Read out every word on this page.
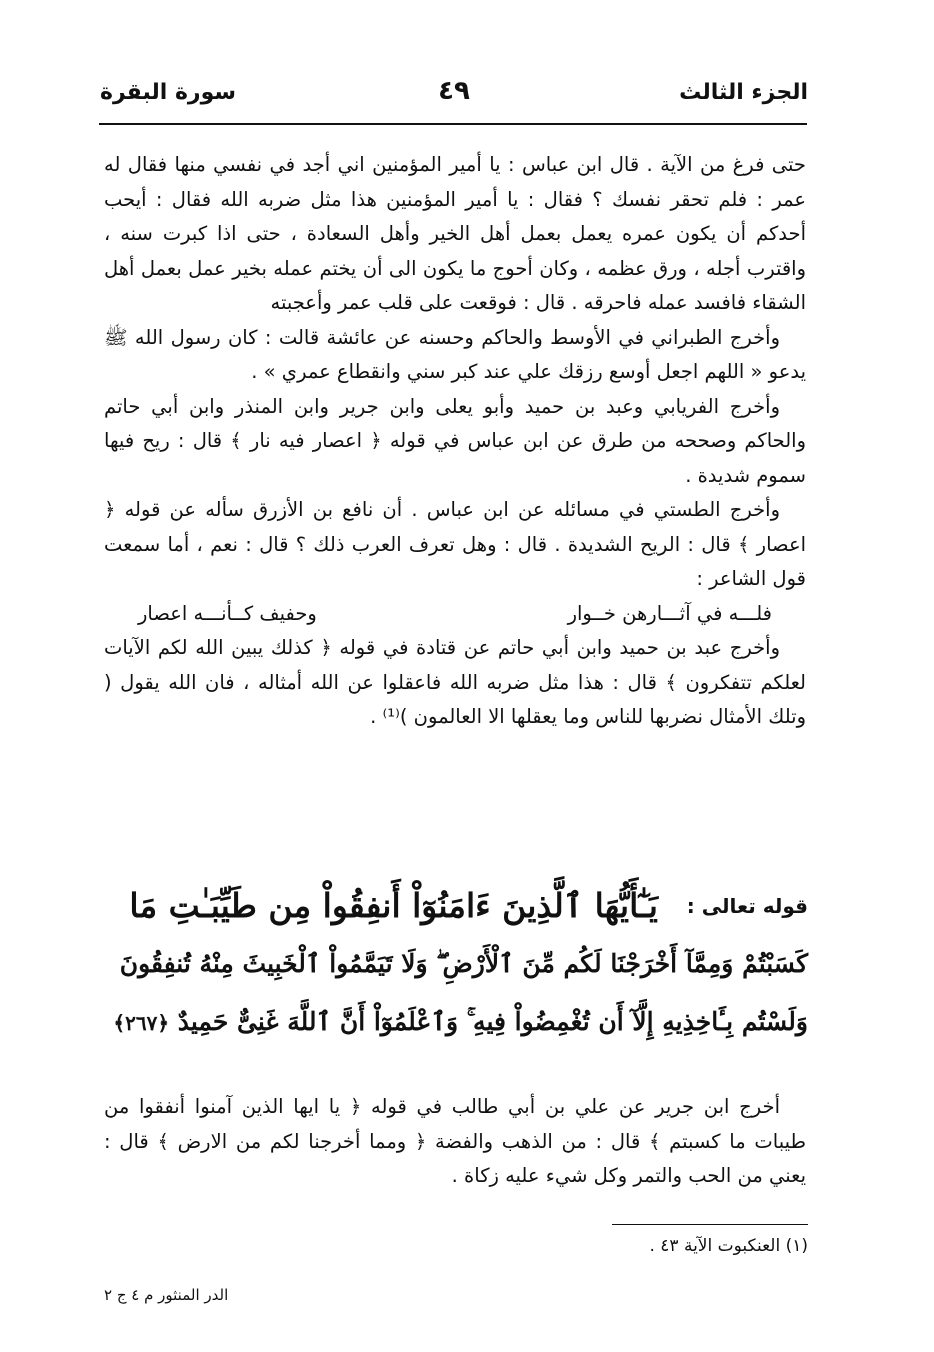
الجزء الثالث
٤٩
سورة البقرة

حتى فرغ من الآية . قال ابن عباس : يا أمير المؤمنين اني أجد في نفسي منها فقال له عمر : فلم تحقر نفسك ؟ فقال : يا أمير المؤمنين هذا مثل ضربه الله فقال : أيحب أحدكم أن يكون عمره يعمل بعمل أهل الخير وأهل السعادة ، حتى اذا كبرت سنه ، واقترب أجله ، ورق عظمه ، وكان أحوج ما يكون الى أن يختم عمله بخير عمل بعمل أهل الشقاء فافسد عمله فاحرقه . قال : فوقعت على قلب عمر وأعجبته

وأخرج الطبراني في الأوسط والحاكم وحسنه عن عائشة قالت : كان رسول الله ﷺ يدعو « اللهم اجعل أوسع رزقك علي عند كبر سني وانقطاع عمري » .

وأخرج الفريابي وعبد بن حميد وأبو يعلى وابن جرير وابن المنذر وابن أبي حاتم والحاكم وصححه من طرق عن ابن عباس في قوله ﴿ اعصار فيه نار ﴾ قال : ريح فيها سموم شديدة .

وأخرج الطستي في مسائله عن ابن عباس . أن نافع بن الأزرق سأله عن قوله ﴿ اعصار ﴾ قال : الريح الشديدة . قال : وهل تعرف العرب ذلك ؟ قال : نعم ، أما سمعت قول الشاعر :

فلـــه في آثـــارهن خــوار
وحفيف كــأنـــه اعصار

وأخرج عبد بن حميد وابن أبي حاتم عن قتادة في قوله ﴿ كذلك يبين الله لكم الآيات لعلكم تتفكرون ﴾ قال : هذا مثل ضربه الله فاعقلوا عن الله أمثاله ، فان الله يقول ( وتلك الأمثال نضربها للناس وما يعقلها الا العالمون )⁽¹⁾ .

قوله تعالى :
يَـٰٓأَيُّهَا ٱلَّذِينَ ءَامَنُوٓاْ أَنفِقُواْ مِن طَيِّبَـٰتِ مَا
كَسَبْتُمْ وَمِمَّآ أَخْرَجْنَا لَكُم مِّنَ ٱلْأَرْضِ ۖ وَلَا تَيَمَّمُواْ ٱلْخَبِيثَ مِنْهُ تُنفِقُونَ
وَلَسْتُم بِـَٔاخِذِيهِ إِلَّآ أَن تُغْمِضُواْ فِيهِ ۚ وَٱعْلَمُوٓاْ أَنَّ ٱللَّهَ غَنِىٌّ حَمِيدٌ ﴿٢٦٧﴾

أخرج ابن جرير عن علي بن أبي طالب في قوله ﴿ يا ايها الذين آمنوا أنفقوا من طيبات ما كسبتم ﴾ قال : من الذهب والفضة ﴿ ومما أخرجنا لكم من الارض ﴾ قال : يعني من الحب والتمر وكل شيء عليه زكاة .

(١) العنكبوت الآية ٤٣ .
الدر المنثور م ٤ ج ٢
